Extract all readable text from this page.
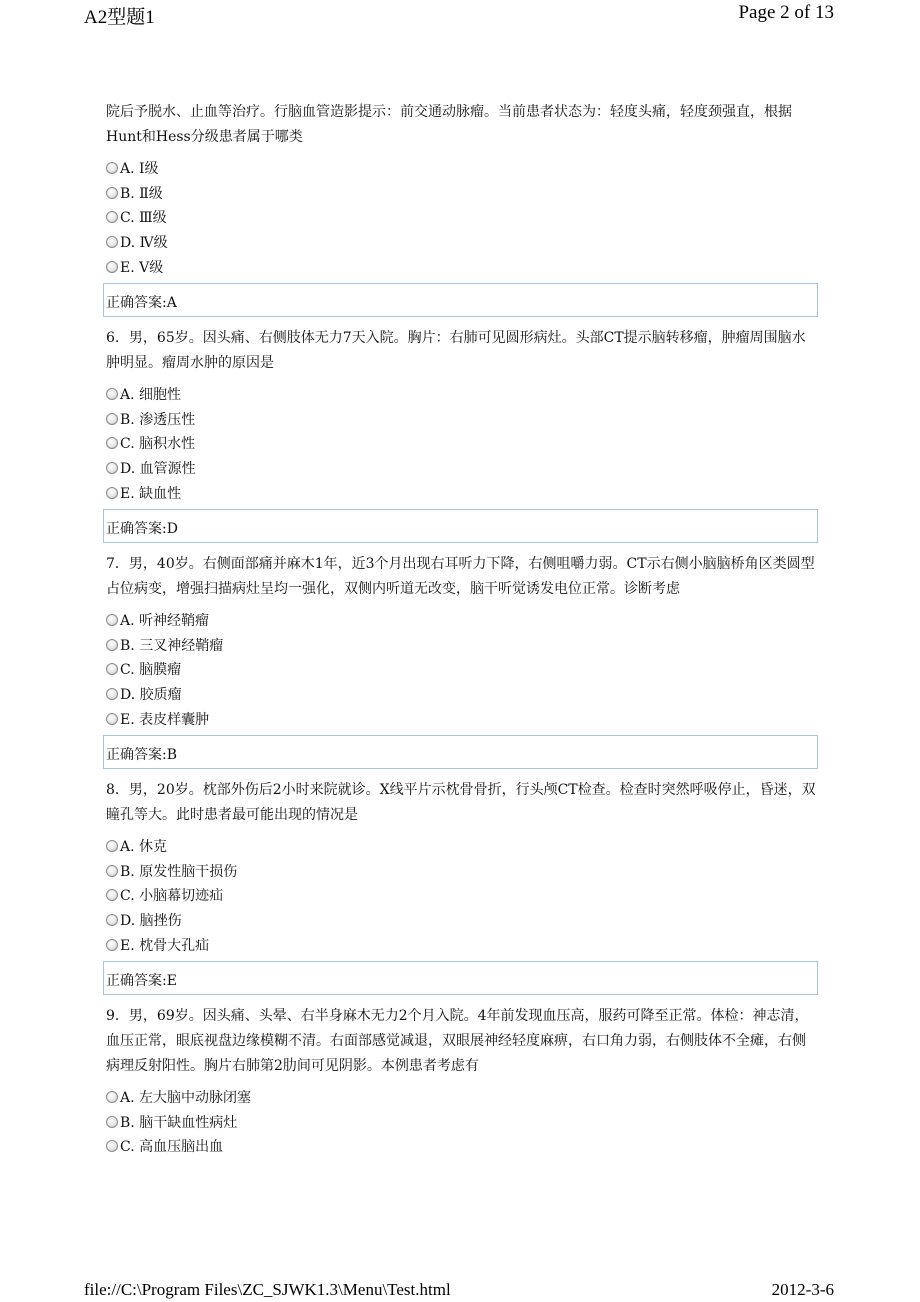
A2型题1	Page 2 of 13

院后予脱水、止血等治疗。行脑血管造影提示：前交通动脉瘤。当前患者状态为：轻度头痛，轻度颈强直，根据Hunt和Hess分级患者属于哪类

A. Ⅰ级
B. Ⅱ级
C. Ⅲ级
D. Ⅳ级
E. Ⅴ级
正确答案:A

6．男，65岁。因头痛、右侧肢体无力7天入院。胸片：右肺可见圆形病灶。头部CT提示脑转移瘤，肿瘤周围脑水肿明显。瘤周水肿的原因是

A. 细胞性
B. 渗透压性
C. 脑积水性
D. 血管源性
E. 缺血性
正确答案:D

7．男，40岁。右侧面部痛并麻木1年，近3个月出现右耳听力下降，右侧咀嚼力弱。CT示右侧小脑脑桥角区类圆型占位病变，增强扫描病灶呈均一强化，双侧内听道无改变，脑干听觉诱发电位正常。诊断考虑

A. 听神经鞘瘤
B. 三叉神经鞘瘤
C. 脑膜瘤
D. 胶质瘤
E. 表皮样囊肿
正确答案:B

8．男，20岁。枕部外伤后2小时来院就诊。X线平片示枕骨骨折，行头颅CT检查。检查时突然呼吸停止，昏迷，双瞳孔等大。此时患者最可能出现的情况是

A. 休克
B. 原发性脑干损伤
C. 小脑幕切迹疝
D. 脑挫伤
E. 枕骨大孔疝
正确答案:E

9．男，69岁。因头痛、头晕、右半身麻木无力2个月入院。4年前发现血压高，服药可降至正常。体检：神志清，血压正常，眼底视盘边缘模糊不清。右面部感觉减退，双眼展神经轻度麻痹，右口角力弱，右侧肢体不全瘫，右侧病理反射阳性。胸片右肺第2肋间可见阴影。本例患者考虑有

A. 左大脑中动脉闭塞
B. 脑干缺血性病灶
C. 高血压脑出血
file://C:\Program Files\ZC_SJWK1.3\Menu\Test.html	2012-3-6
